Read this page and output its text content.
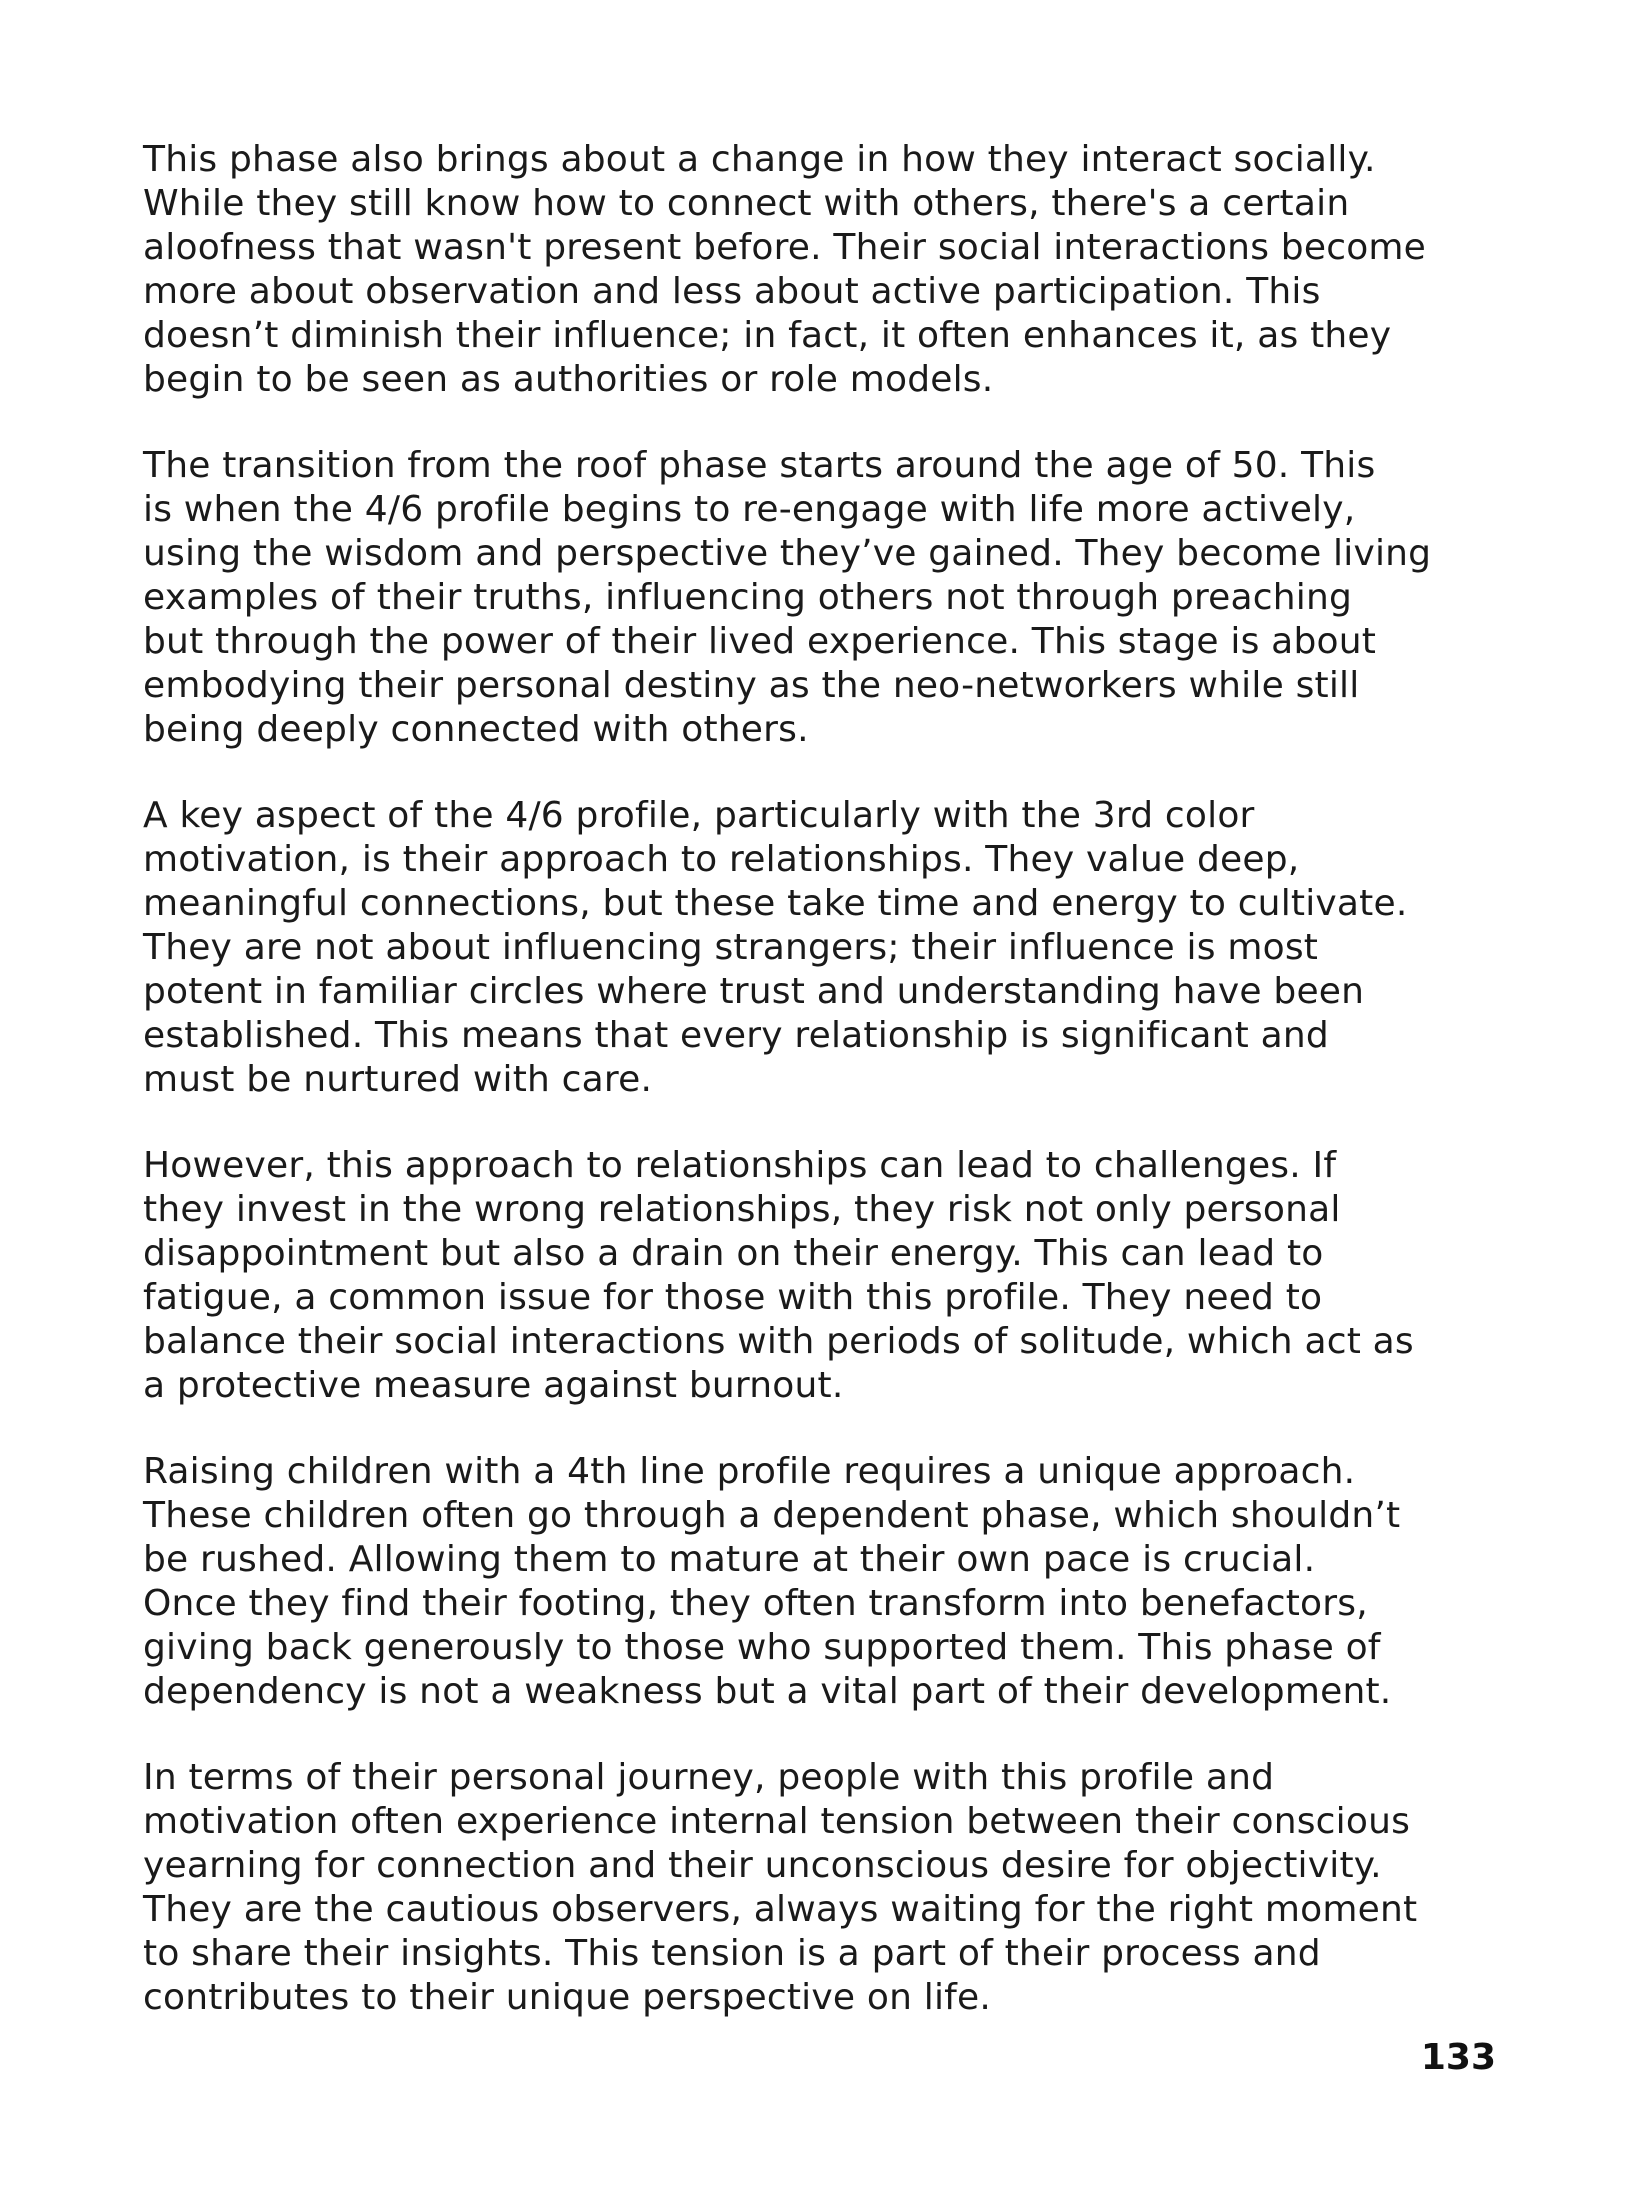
This phase also brings about a change in how they interact socially.
While they still know how to connect with others, there's a certain
aloofness that wasn't present before. Their social interactions become
more about observation and less about active participation. This
doesn’t diminish their influence; in fact, it often enhances it, as they
begin to be seen as authorities or role models.

The transition from the roof phase starts around the age of 50. This
is when the 4/6 profile begins to re-engage with life more actively,
using the wisdom and perspective they’ve gained. They become living
examples of their truths, influencing others not through preaching
but through the power of their lived experience. This stage is about
embodying their personal destiny as the neo-networkers while still
being deeply connected with others.

A key aspect of the 4/6 profile, particularly with the 3rd color
motivation, is their approach to relationships. They value deep,
meaningful connections, but these take time and energy to cultivate.
They are not about influencing strangers; their influence is most
potent in familiar circles where trust and understanding have been
established. This means that every relationship is significant and
must be nurtured with care.

However, this approach to relationships can lead to challenges. If
they invest in the wrong relationships, they risk not only personal
disappointment but also a drain on their energy. This can lead to
fatigue, a common issue for those with this profile. They need to
balance their social interactions with periods of solitude, which act as
a protective measure against burnout.

Raising children with a 4th line profile requires a unique approach.
These children often go through a dependent phase, which shouldn’t
be rushed. Allowing them to mature at their own pace is crucial.
Once they find their footing, they often transform into benefactors,
giving back generously to those who supported them. This phase of
dependency is not a weakness but a vital part of their development.

In terms of their personal journey, people with this profile and
motivation often experience internal tension between their conscious
yearning for connection and their unconscious desire for objectivity.
They are the cautious observers, always waiting for the right moment
to share their insights. This tension is a part of their process and
contributes to their unique perspective on life.

133
